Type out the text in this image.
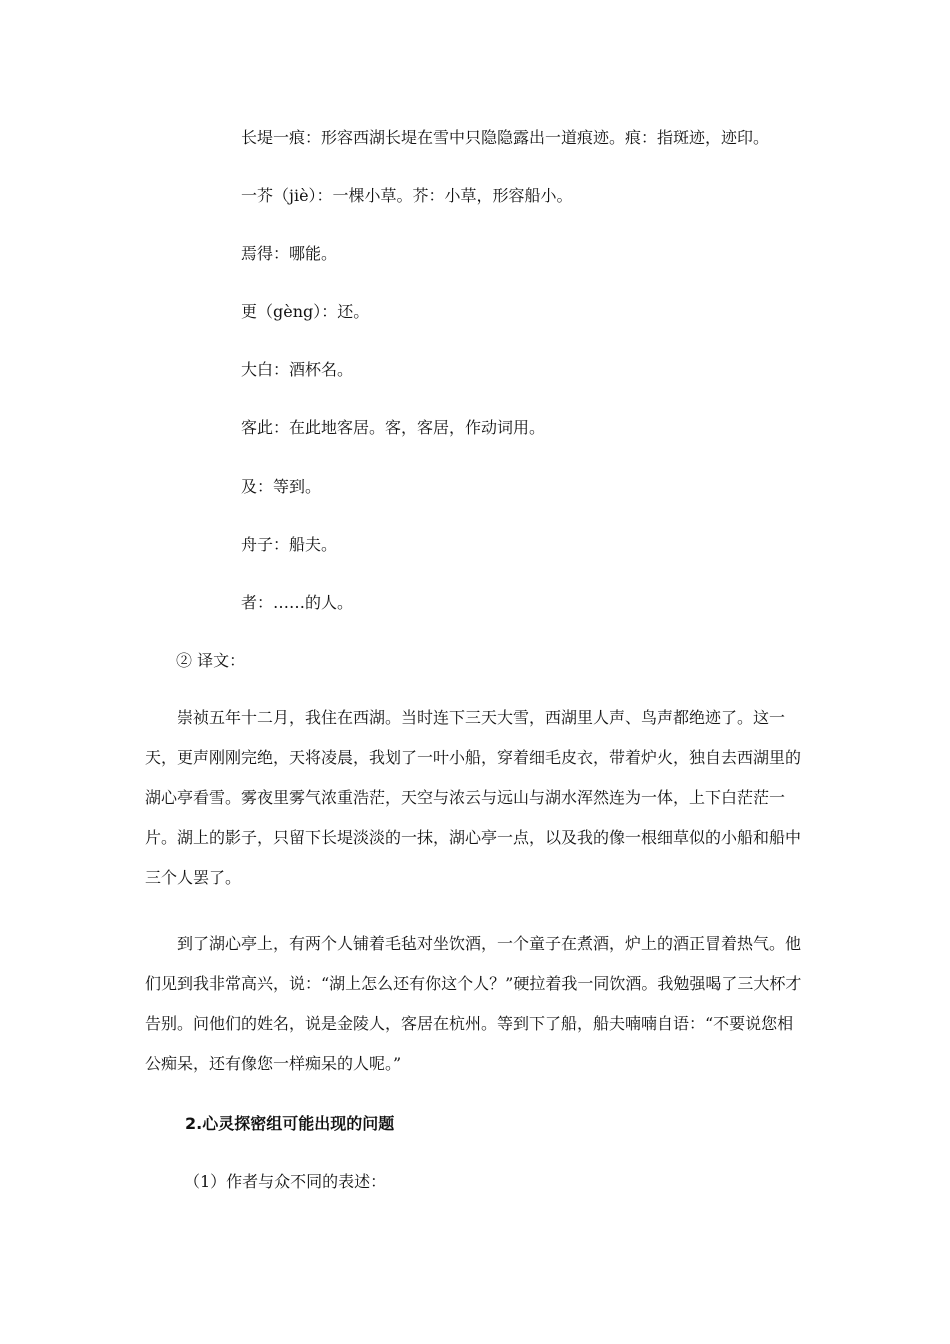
长堤一痕：形容西湖长堤在雪中只隐隐露出一道痕迹。痕：指斑迹，迹印。
一芥（jiè）：一棵小草。芥：小草，形容船小。
焉得：哪能。
更（gèng）：还。
大白：酒杯名。
客此：在此地客居。客，客居，作动词用。
及：等到。
舟子：船夫。
者：……的人。
② 译文：

崇祯五年十二月，我住在西湖。当时连下三天大雪，西湖里人声、鸟声都绝迹了。这一天，更声刚刚完绝，天将凌晨，我划了一叶小船，穿着细毛皮衣，带着炉火，独自去西湖里的湖心亭看雪。雾夜里雾气浓重浩茫，天空与浓云与远山与湖水浑然连为一体，上下白茫茫一片。湖上的影子，只留下长堤淡淡的一抹，湖心亭一点，以及我的像一根细草似的小船和船中三个人罢了。

到了湖心亭上，有两个人铺着毛毡对坐饮酒，一个童子在煮酒，炉上的酒正冒着热气。他们见到我非常高兴，说：“湖上怎么还有你这个人？”硬拉着我一同饮酒。我勉强喝了三大杯才告别。问他们的姓名，说是金陵人，客居在杭州。等到下了船，船夫喃喃自语：“不要说您相公痴呆，还有像您一样痴呆的人呢。”

2.心灵探密组可能出现的问题
（1）作者与众不同的表述：
